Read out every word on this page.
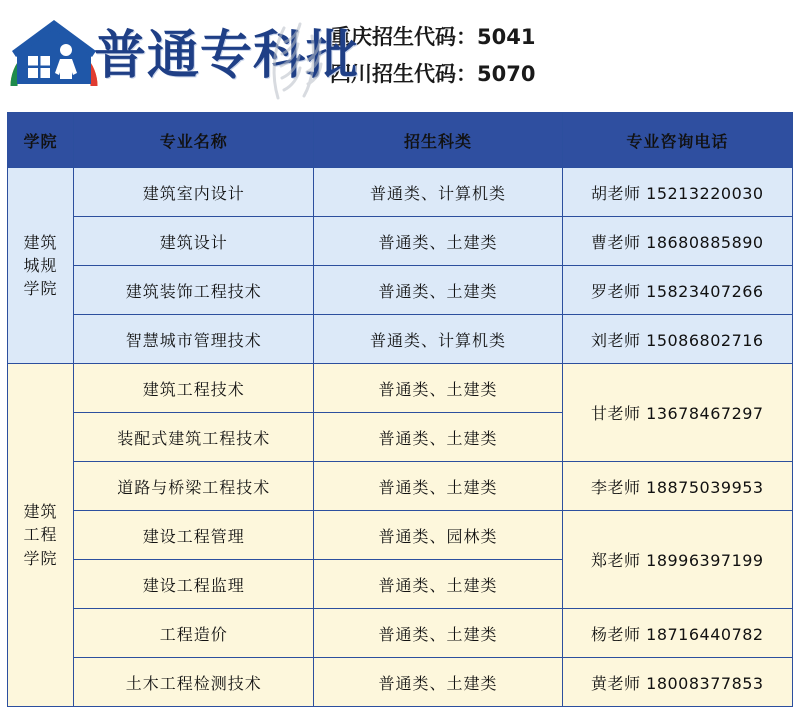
普通专科批
重庆招生代码：5041
四川招生代码：5070
学院	专业名称	招生科类	专业咨询电话
建筑
城规
学院	建筑室内设计	普通类、计算机类	胡老师 15213220030
	建筑设计	普通类、土建类	曹老师 18680885890
	建筑装饰工程技术	普通类、土建类	罗老师 15823407266
	智慧城市管理技术	普通类、计算机类	刘老师 15086802716
建筑
工程
学院	建筑工程技术	普通类、土建类	甘老师 13678467297
	装配式建筑工程技术	普通类、土建类	
	道路与桥梁工程技术	普通类、土建类	李老师 18875039953
	建设工程管理	普通类、园林类	郑老师 18996397199
	建设工程监理	普通类、土建类	
	工程造价	普通类、土建类	杨老师 18716440782
	土木工程检测技术	普通类、土建类	黄老师 18008377853
